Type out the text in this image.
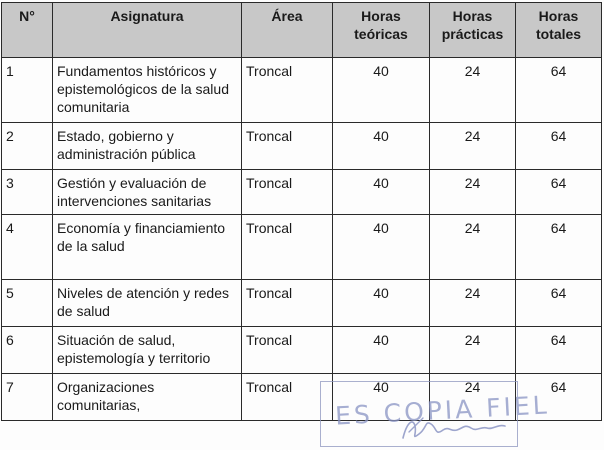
N°	Asignatura	Área	Horas teóricas	Horas prácticas	Horas totales
1	Fundamentos históricos y epistemológicos de la salud comunitaria	Troncal	40	24	64
2	Estado, gobierno y administración pública	Troncal	40	24	64
3	Gestión y evaluación de intervenciones sanitarias	Troncal	40	24	64
4	Economía y financiamiento de la salud	Troncal	40	24	64
5	Niveles de atención y redes de salud	Troncal	40	24	64
6	Situación de salud, epistemología y territorio	Troncal	40	24	64
7	Organizaciones comunitarias,	Troncal	40	24	64
ES COPIA FIEL
